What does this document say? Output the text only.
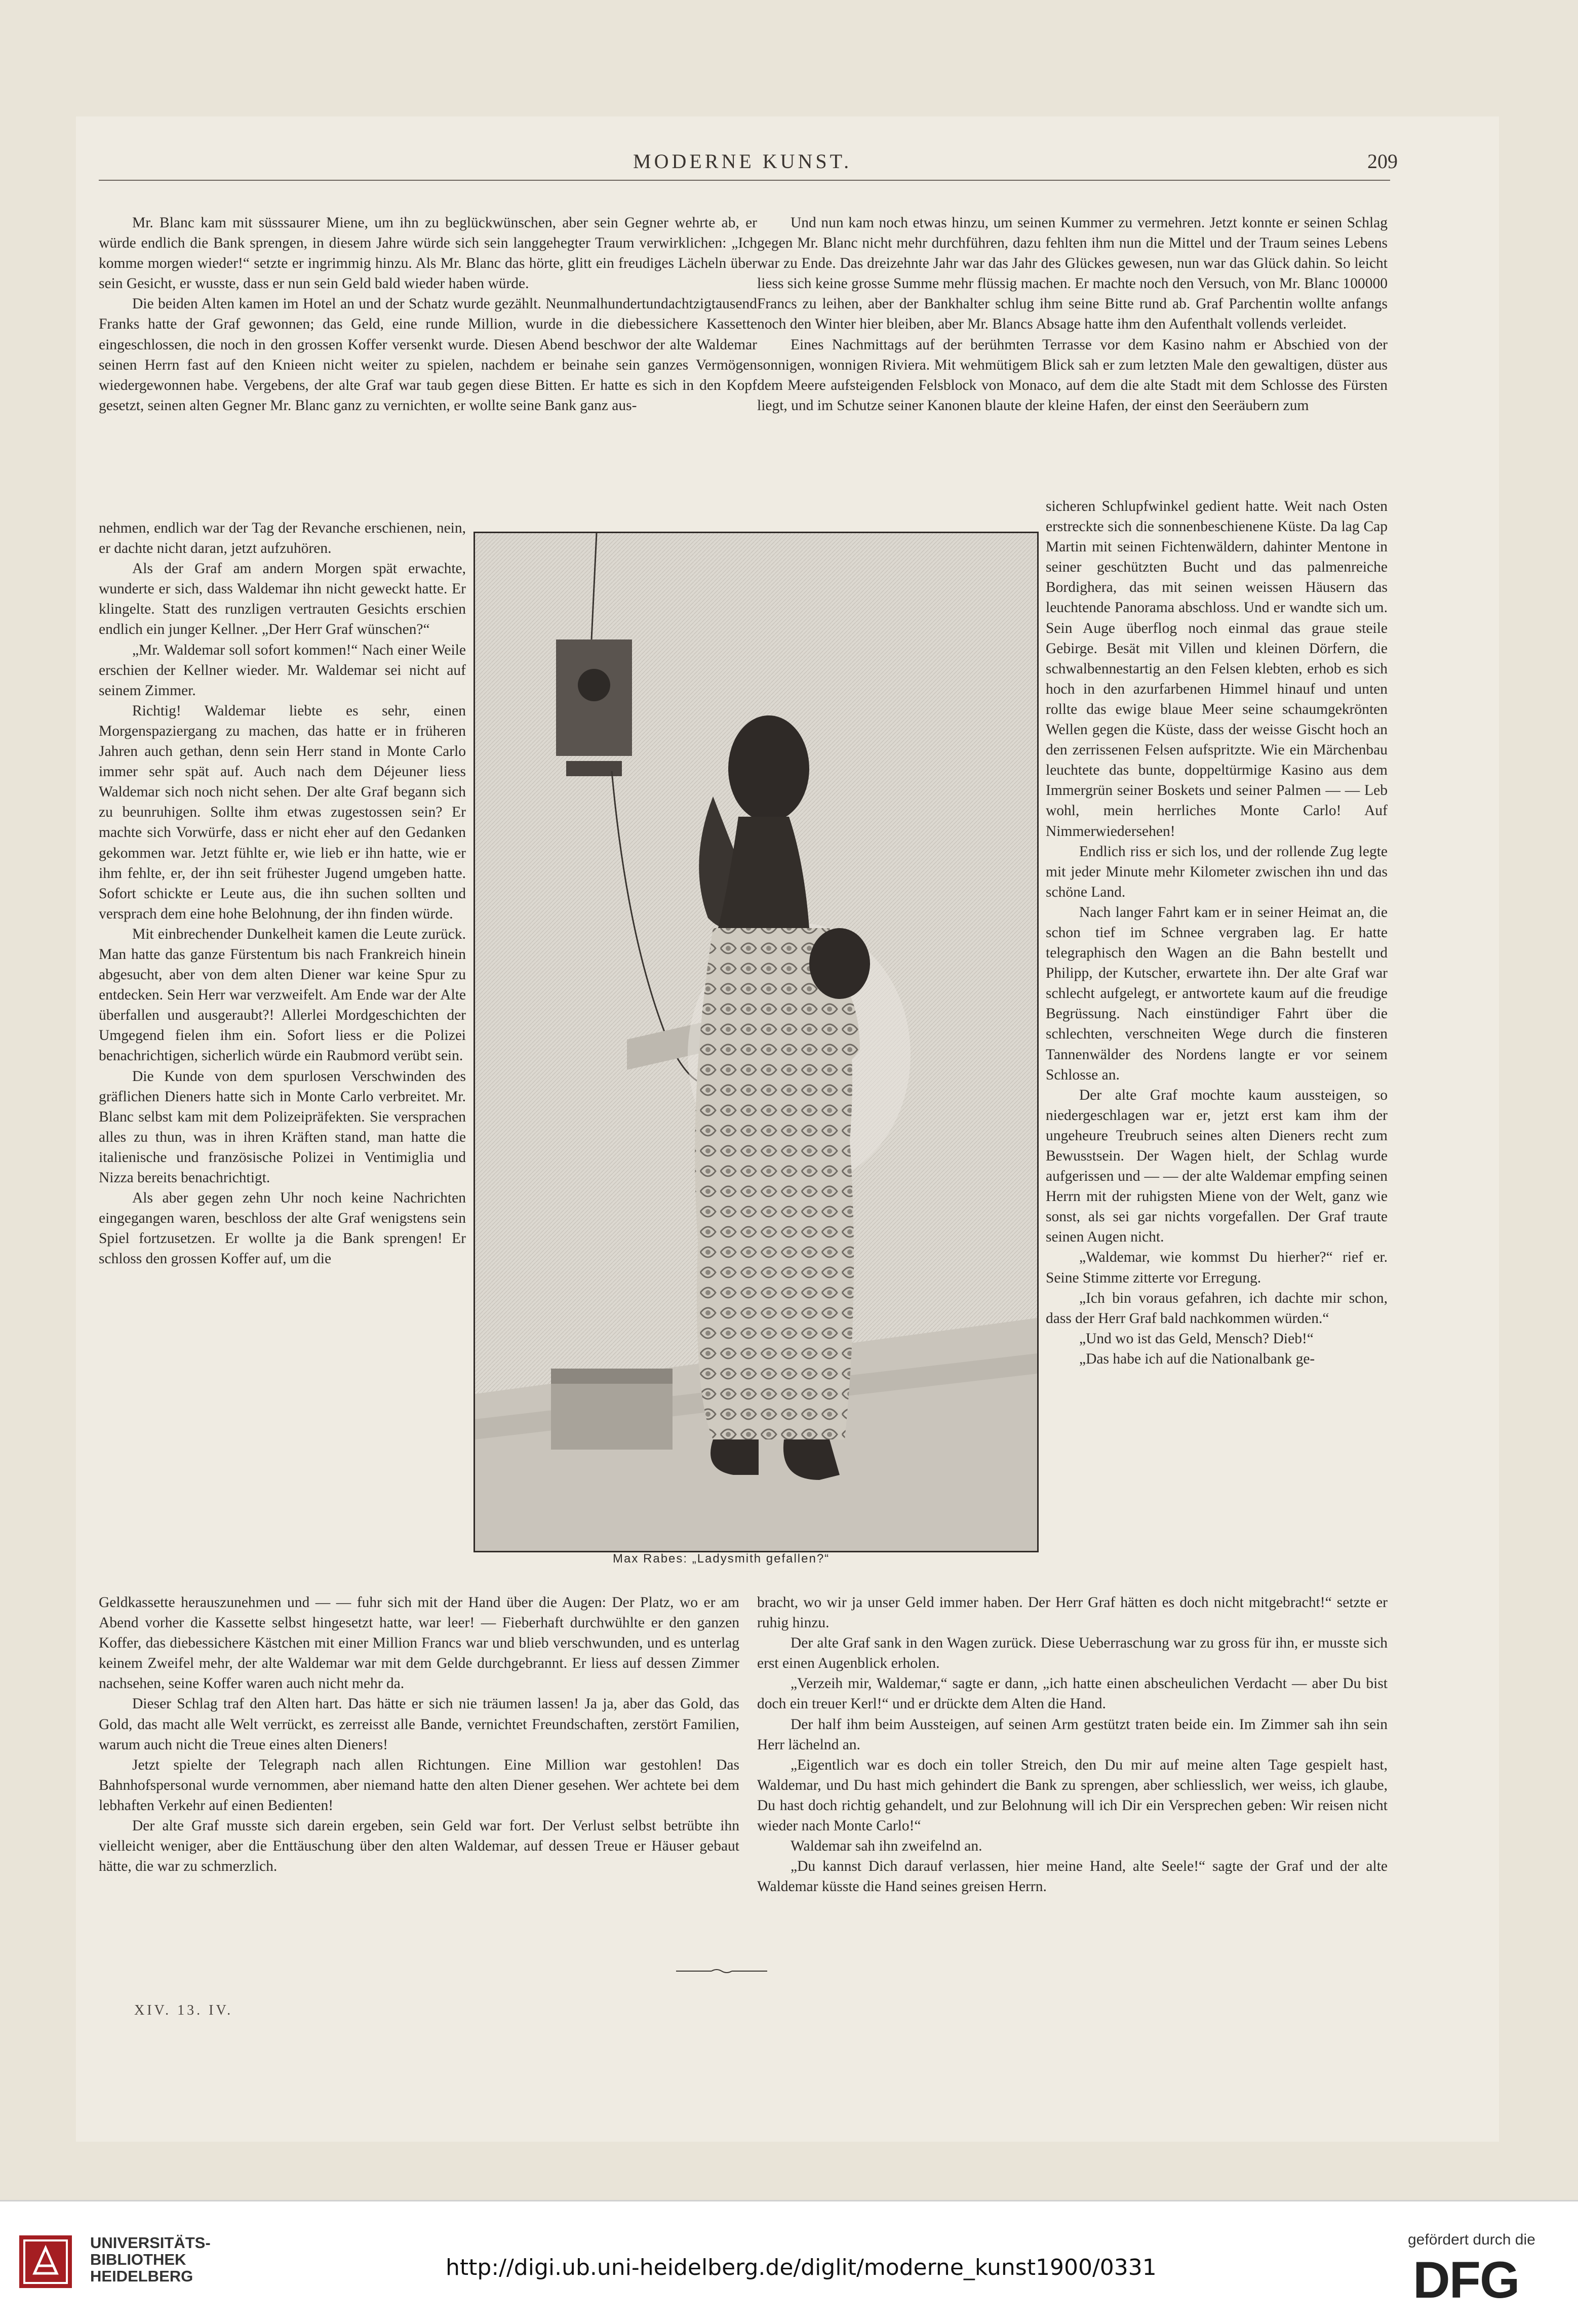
MODERNE KUNST.	209

Mr. Blanc kam mit süsssaurer Miene, um ihn zu beglückwünschen, aber sein Gegner wehrte ab, er würde endlich die Bank sprengen, in diesem Jahre würde sich sein langgehegter Traum verwirklichen: „Ich komme morgen wieder!“ setzte er ingrimmig hinzu. Als Mr. Blanc das hörte, glitt ein freudiges Lächeln über sein Gesicht, er wusste, dass er nun sein Geld bald wieder haben würde.

Die beiden Alten kamen im Hotel an und der Schatz wurde gezählt. Neunmalhundertundachtzigtausend Franks hatte der Graf gewonnen; das Geld, eine runde Million, wurde in die diebessichere Kassette eingeschlossen, die noch in den grossen Koffer versenkt wurde. Diesen Abend beschwor der alte Waldemar seinen Herrn fast auf den Knieen nicht weiter zu spielen, nachdem er beinahe sein ganzes Vermögen wiedergewonnen habe. Vergebens, der alte Graf war taub gegen diese Bitten. Er hatte es sich in den Kopf gesetzt, seinen alten Gegner Mr. Blanc ganz zu vernichten, er wollte seine Bank ganz aus-

Und nun kam noch etwas hinzu, um seinen Kummer zu vermehren. Jetzt konnte er seinen Schlag gegen Mr. Blanc nicht mehr durchführen, dazu fehlten ihm nun die Mittel und der Traum seines Lebens war zu Ende. Das dreizehnte Jahr war das Jahr des Glückes gewesen, nun war das Glück dahin. So leicht liess sich keine grosse Summe mehr flüssig machen. Er machte noch den Versuch, von Mr. Blanc 100000 Francs zu leihen, aber der Bankhalter schlug ihm seine Bitte rund ab. Graf Parchentin wollte anfangs noch den Winter hier bleiben, aber Mr. Blancs Absage hatte ihm den Aufenthalt vollends verleidet.

Eines Nachmittags auf der berühmten Terrasse vor dem Kasino nahm er Abschied von der sonnigen, wonnigen Riviera. Mit wehmütigem Blick sah er zum letzten Male den gewaltigen, düster aus dem Meere aufsteigenden Felsblock von Monaco, auf dem die alte Stadt mit dem Schlosse des Fürsten liegt, und im Schutze seiner Kanonen blaute der kleine Hafen, der einst den Seeräubern zum

nehmen, endlich war der Tag der Revanche erschienen, nein, er dachte nicht daran, jetzt aufzuhören.

Als der Graf am andern Morgen spät erwachte, wunderte er sich, dass Waldemar ihn nicht geweckt hatte. Er klingelte. Statt des runzligen vertrauten Gesichts erschien endlich ein junger Kellner. „Der Herr Graf wünschen?“

„Mr. Waldemar soll sofort kommen!“ Nach einer Weile erschien der Kellner wieder. Mr. Waldemar sei nicht auf seinem Zimmer.

Richtig! Waldemar liebte es sehr, einen Morgenspaziergang zu machen, das hatte er in früheren Jahren auch gethan, denn sein Herr stand in Monte Carlo immer sehr spät auf. Auch nach dem Déjeuner liess Waldemar sich noch nicht sehen. Der alte Graf begann sich zu beunruhigen. Sollte ihm etwas zugestossen sein? Er machte sich Vorwürfe, dass er nicht eher auf den Gedanken gekommen war. Jetzt fühlte er, wie lieb er ihn hatte, wie er ihm fehlte, er, der ihn seit frühester Jugend umgeben hatte. Sofort schickte er Leute aus, die ihn suchen sollten und versprach dem eine hohe Belohnung, der ihn finden würde.

Mit einbrechender Dunkelheit kamen die Leute zurück. Man hatte das ganze Fürstentum bis nach Frankreich hinein abgesucht, aber von dem alten Diener war keine Spur zu entdecken. Sein Herr war verzweifelt. Am Ende war der Alte überfallen und ausgeraubt?! Allerlei Mordgeschichten der Umgegend fielen ihm ein. Sofort liess er die Polizei benachrichtigen, sicherlich würde ein Raubmord verübt sein.

Die Kunde von dem spurlosen Verschwinden des gräflichen Dieners hatte sich in Monte Carlo verbreitet. Mr. Blanc selbst kam mit dem Polizeipräfekten. Sie versprachen alles zu thun, was in ihren Kräften stand, man hatte die italienische und französische Polizei in Ventimiglia und Nizza bereits benachrichtigt.

Als aber gegen zehn Uhr noch keine Nachrichten eingegangen waren, beschloss der alte Graf wenigstens sein Spiel fortzusetzen. Er wollte ja die Bank sprengen! Er schloss den grossen Koffer auf, um die

sicheren Schlupfwinkel gedient hatte. Weit nach Osten erstreckte sich die sonnenbeschienene Küste. Da lag Cap Martin mit seinen Fichtenwäldern, dahinter Mentone in seiner geschützten Bucht und das palmenreiche Bordighera, das mit seinen weissen Häusern das leuchtende Panorama abschloss. Und er wandte sich um. Sein Auge überflog noch einmal das graue steile Gebirge. Besät mit Villen und kleinen Dörfern, die schwalbennestartig an den Felsen klebten, erhob es sich hoch in den azurfarbenen Himmel hinauf und unten rollte das ewige blaue Meer seine schaumgekrönten Wellen gegen die Küste, dass der weisse Gischt hoch an den zerrissenen Felsen aufspritzte. Wie ein Märchenbau leuchtete das bunte, doppeltürmige Kasino aus dem Immergrün seiner Boskets und seiner Palmen — — Leb wohl, mein herrliches Monte Carlo! Auf Nimmerwiedersehen!

Endlich riss er sich los, und der rollende Zug legte mit jeder Minute mehr Kilometer zwischen ihn und das schöne Land.

Nach langer Fahrt kam er in seiner Heimat an, die schon tief im Schnee vergraben lag. Er hatte telegraphisch den Wagen an die Bahn bestellt und Philipp, der Kutscher, erwartete ihn. Der alte Graf war schlecht aufgelegt, er antwortete kaum auf die freudige Begrüssung. Nach einstündiger Fahrt über die schlechten, verschneiten Wege durch die finsteren Tannenwälder des Nordens langte er vor seinem Schlosse an.

Der alte Graf mochte kaum aussteigen, so niedergeschlagen war er, jetzt erst kam ihm der ungeheure Treubruch seines alten Dieners recht zum Bewusstsein. Der Wagen hielt, der Schlag wurde aufgerissen und — — der alte Waldemar empfing seinen Herrn mit der ruhigsten Miene von der Welt, ganz wie sonst, als sei gar nichts vorgefallen. Der Graf traute seinen Augen nicht.

„Waldemar, wie kommst Du hierher?“ rief er. Seine Stimme zitterte vor Erregung.

„Ich bin voraus gefahren, ich dachte mir schon, dass der Herr Graf bald nachkommen würden.“

„Und wo ist das Geld, Mensch? Dieb!“

„Das habe ich auf die Nationalbank ge-

Max Rabes: „Ladysmith gefallen?“

Geldkassette herauszunehmen und — — fuhr sich mit der Hand über die Augen: Der Platz, wo er am Abend vorher die Kassette selbst hingesetzt hatte, war leer! — Fieberhaft durchwühlte er den ganzen Koffer, das diebessichere Kästchen mit einer Million Francs war und blieb verschwunden, und es unterlag keinem Zweifel mehr, der alte Waldemar war mit dem Gelde durchgebrannt. Er liess auf dessen Zimmer nachsehen, seine Koffer waren auch nicht mehr da.

Dieser Schlag traf den Alten hart. Das hätte er sich nie träumen lassen! Ja ja, aber das Gold, das Gold, das macht alle Welt verrückt, es zerreisst alle Bande, vernichtet Freundschaften, zerstört Familien, warum auch nicht die Treue eines alten Dieners!

Jetzt spielte der Telegraph nach allen Richtungen. Eine Million war gestohlen! Das Bahnhofspersonal wurde vernommen, aber niemand hatte den alten Diener gesehen. Wer achtete bei dem lebhaften Verkehr auf einen Bedienten!

Der alte Graf musste sich darein ergeben, sein Geld war fort. Der Verlust selbst betrübte ihn vielleicht weniger, aber die Enttäuschung über den alten Waldemar, auf dessen Treue er Häuser gebaut hätte, die war zu schmerzlich.

bracht, wo wir ja unser Geld immer haben. Der Herr Graf hätten es doch nicht mitgebracht!“ setzte er ruhig hinzu.

Der alte Graf sank in den Wagen zurück. Diese Ueberraschung war zu gross für ihn, er musste sich erst einen Augenblick erholen.

„Verzeih mir, Waldemar,“ sagte er dann, „ich hatte einen abscheulichen Verdacht — aber Du bist doch ein treuer Kerl!“ und er drückte dem Alten die Hand.

Der half ihm beim Aussteigen, auf seinen Arm gestützt traten beide ein. Im Zimmer sah ihn sein Herr lächelnd an.

„Eigentlich war es doch ein toller Streich, den Du mir auf meine alten Tage gespielt hast, Waldemar, und Du hast mich gehindert die Bank zu sprengen, aber schliesslich, wer weiss, ich glaube, Du hast doch richtig gehandelt, und zur Belohnung will ich Dir ein Versprechen geben: Wir reisen nicht wieder nach Monte Carlo!“

Waldemar sah ihn zweifelnd an.

„Du kannst Dich darauf verlassen, hier meine Hand, alte Seele!“ sagte der Graf und der alte Waldemar küsste die Hand seines greisen Herrn.

XIV. 13. IV.
UNIVERSITÄTS-
BIBLIOTHEK
HEIDELBERG	http://digi.ub.uni-heidelberg.de/diglit/moderne_kunst1900/0331
gefördert durch die
DFG
